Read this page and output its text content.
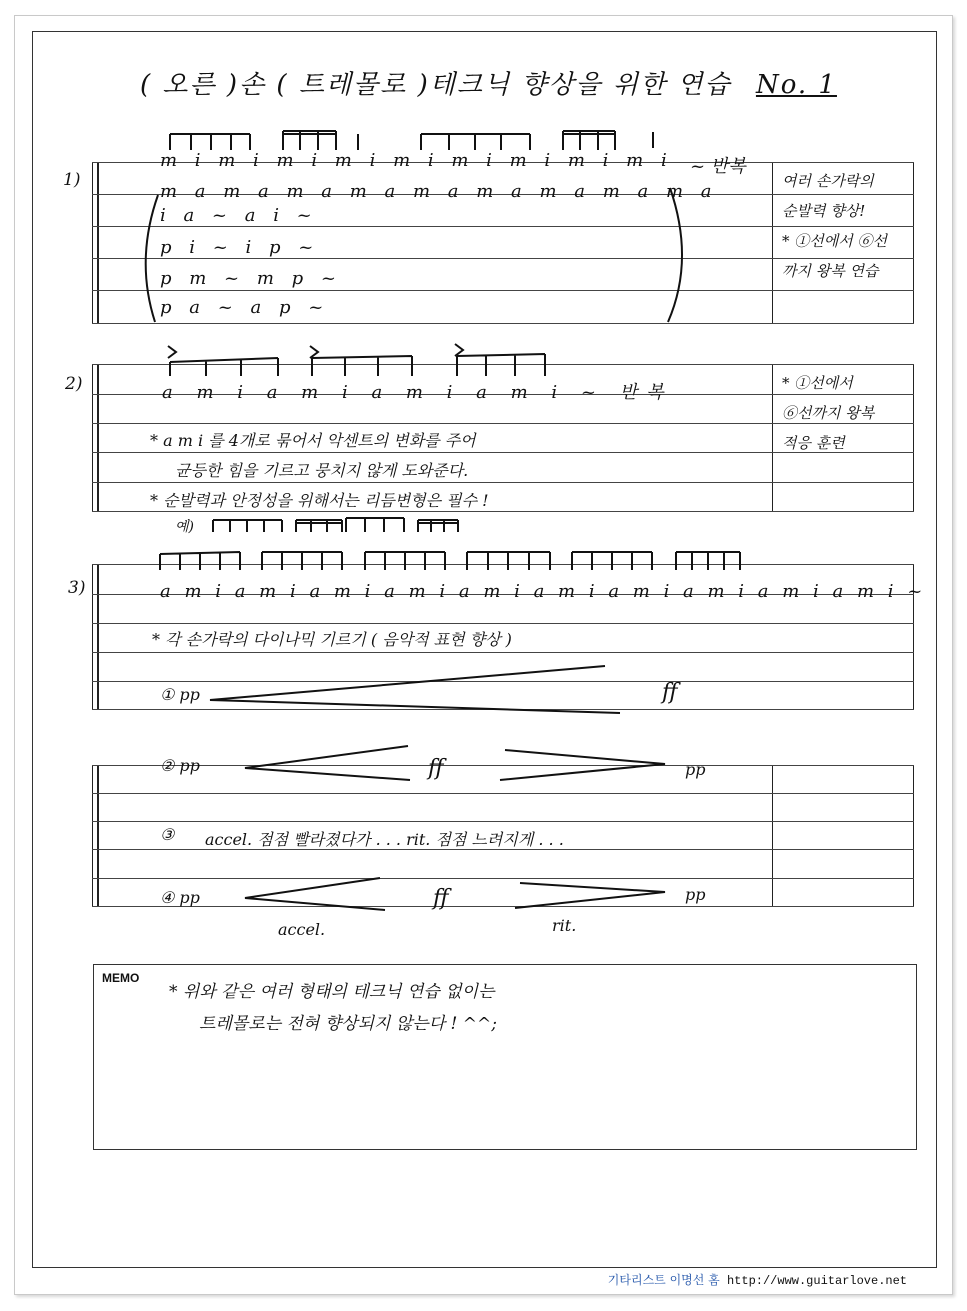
( 오른 )손 ( 트레몰로 )테크닉 향상을 위한 연습 No. 1
1)
m i m i m i m i m i m i m i m i m i
m a m a m a m a m a m a m a m a m a
i a ~ a i ~
p i ~ i p ~
p m ~ m p ~
p a ~ a p ~
~ 반복
여러 손가락의
순발력 향상!
* ①선에서 ⑥선
까지 왕복 연습
2)	a m i a m i a m i a m i ~ 반복
* a m i 를 4개로 묶어서 악센트의 변화를 주어
균등한 힘을 기르고 뭉치지 않게 도와준다.
* 순발력과 안정성을 위해서는 리듬변형은 필수 !
예)
* ①선에서
⑥선까지 왕복
적응 훈련
3)	a m i a m i a m i a m i a m i a m i a m i a m i a m i a m i ~
* 각 손가락의 다이나믹 기르기 ( 음악적 표현 향상 )
① pp	ff
② pp	ff	pp
③ accel. 점점 빨라졌다가 . . . rit. 점점 느려지게 . . .
④ pp	ff	pp
accel.	rit.
MEMO
* 위와 같은 여러 형태의 테크닉 연습 없이는
트레몰로는 전혀 향상되지 않는다 ! ^^;
기타리스트 이명선 홈 http://www.guitarlove.net
